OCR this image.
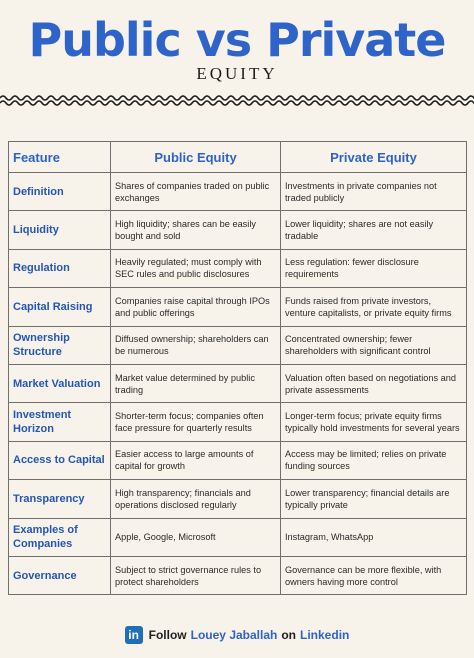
Public vs Private
EQUITY
Feature	Public Equity	Private Equity
Definition	Shares of companies traded on public exchanges	Investments in private companies not traded publicly
Liquidity	High liquidity; shares can be easily bought and sold	Lower liquidity; shares are not easily tradable
Regulation	Heavily regulated; must comply with SEC rules and public disclosures	Less regulation: fewer disclosure requirements
Capital Raising	Companies raise capital through IPOs and public offerings	Funds raised from private investors, venture capitalists, or private equity firms
Ownership Structure	Diffused ownership; shareholders can be numerous	Concentrated ownership; fewer shareholders with significant control
Market Valuation	Market value determined by public trading	Valuation often based on negotiations and private assessments
Investment Horizon	Shorter-term focus; companies often face pressure for quarterly results	Longer-term focus; private equity firms typically hold investments for several years
Access to Capital	Easier access to large amounts of capital for growth	Access may be limited; relies on private funding sources
Transparency	High transparency; financials and operations disclosed regularly	Lower transparency; financial details are typically private
Examples of Companies	Apple, Google, Microsoft	Instagram, WhatsApp
Governance	Subject to strict governance rules to protect shareholders	Governance can be more flexible, with owners having more control
in Follow Louey Jaballah on Linkedin
